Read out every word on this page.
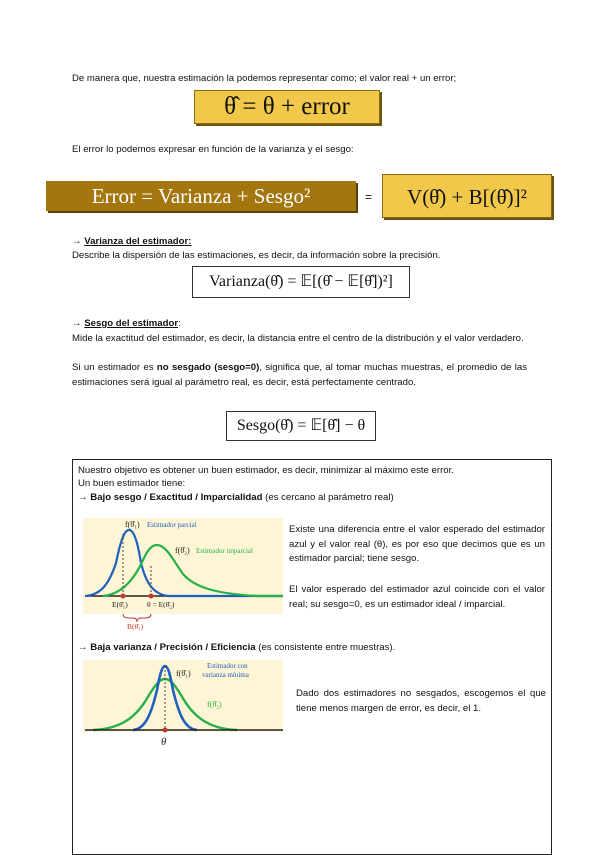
De manera que, nuestra estimación la podemos representar como; el valor real + un error;

θ̂ = θ + error

El error lo podemos expresar en función de la varianza y el sesgo:

Error = Varianza + Sesgo²	=	V(θ̂) + B[(θ̂)]²
→ Varianza del estimador:

Describe la dispersión de las estimaciones, es decir, da información sobre la precisión.

Varianza(θ̂) = 𝔼[(θ̂ − 𝔼[θ̂])²]
→ Sesgo del estimador:

Mide la exactitud del estimador, es decir, la distancia entre el centro de la distribución y el valor verdadero.

Si un estimador es no sesgado (sesgo=0), significa que, al tomar muchas muestras, el promedio de las estimaciones será igual al parámetro real, es decir, está perfectamente centrado.

Sesgo(θ̂) = 𝔼[θ̂] − θ

Nuestro objetivo es obtener un buen estimador, es decir, minimizar al máximo este error.

Un buen estimador tiene:

→ Bajo sesgo / Exactitud / Imparcialidad (es cercano al parámetro real)
f(θ̂₁) Estimador parcial
f(θ̂₂) Estimador imparcial
E(θ̂₁)	θ = E(θ̂₂)
B(θ̂₁)

Existe una diferencia entre el valor esperado del estimador azul y el valor real (θ), es por eso que decimos que es un estimador parcial; tiene sesgo.

El valor esperado del estimador azul coincide con el valor real; su sesgo=0, es un estimador ideal / imparcial.

→ Baja varianza / Precisión / Eficiencia (es consistente entre muestras).
f(θ̂₁)
Estimador con
varianza mínima
f(θ̂₂)
θ

Dado dos estimadores no sesgados, escogemos el que tiene menos margen de error, es decir, el 1.
